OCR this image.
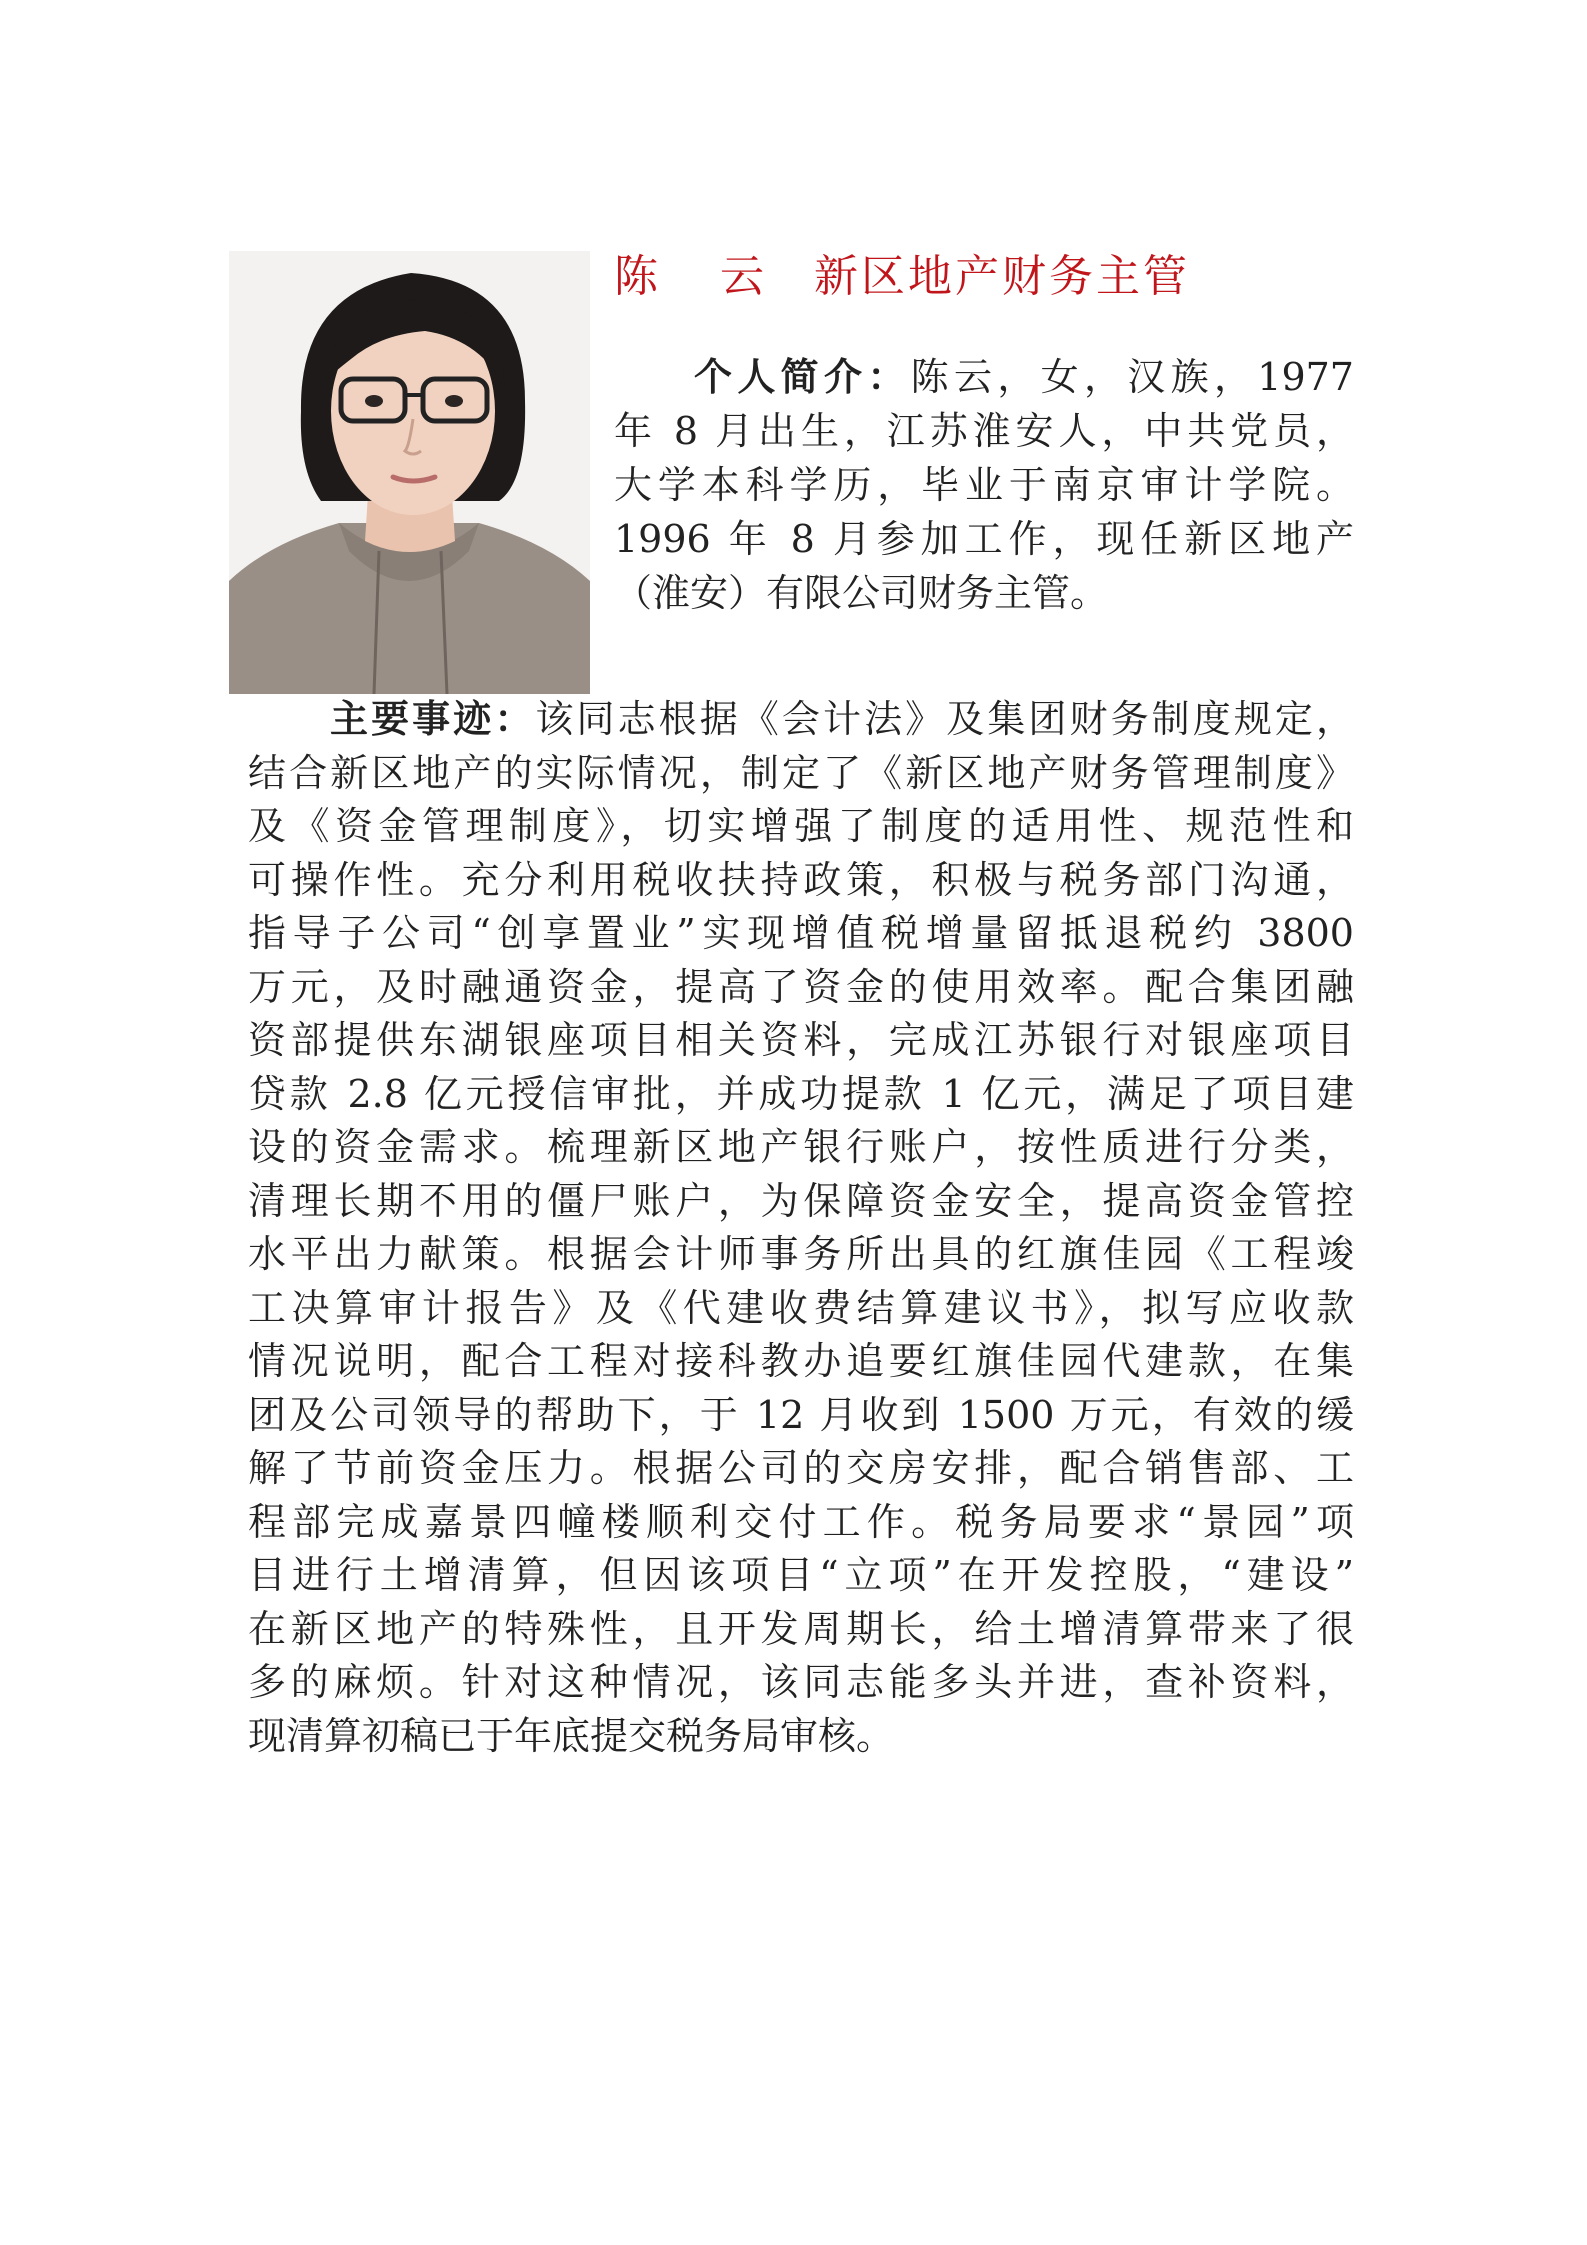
陈 云 新区地产财务主管
个人简介：陈云，女，汉族，1977
年 8 月出生，江苏淮安人，中共党员，
大学本科学历，毕业于南京审计学院。
1996 年 8 月参加工作，现任新区地产
（淮安）有限公司财务主管。
主要事迹：该同志根据《会计法》及集团财务制度规定，
结合新区地产的实际情况，制定了《新区地产财务管理制度》
及《资金管理制度》，切实增强了制度的适用性、规范性和
可操作性。充分利用税收扶持政策，积极与税务部门沟通，
指导子公司“创享置业”实现增值税增量留抵退税约 3800
万元，及时融通资金，提高了资金的使用效率。配合集团融
资部提供东湖银座项目相关资料，完成江苏银行对银座项目
贷款 2.8 亿元授信审批，并成功提款 1 亿元，满足了项目建
设的资金需求。梳理新区地产银行账户，按性质进行分类，
清理长期不用的僵尸账户，为保障资金安全，提高资金管控
水平出力献策。根据会计师事务所出具的红旗佳园《工程竣
工决算审计报告》及《代建收费结算建议书》，拟写应收款
情况说明，配合工程对接科教办追要红旗佳园代建款，在集
团及公司领导的帮助下，于 12 月收到 1500 万元，有效的缓
解了节前资金压力。根据公司的交房安排，配合销售部、工
程部完成嘉景四幢楼顺利交付工作。税务局要求“景园”项
目进行土增清算，但因该项目“立项”在开发控股，“建设”
在新区地产的特殊性，且开发周期长，给土增清算带来了很
多的麻烦。针对这种情况，该同志能多头并进，查补资料，
现清算初稿已于年底提交税务局审核。
